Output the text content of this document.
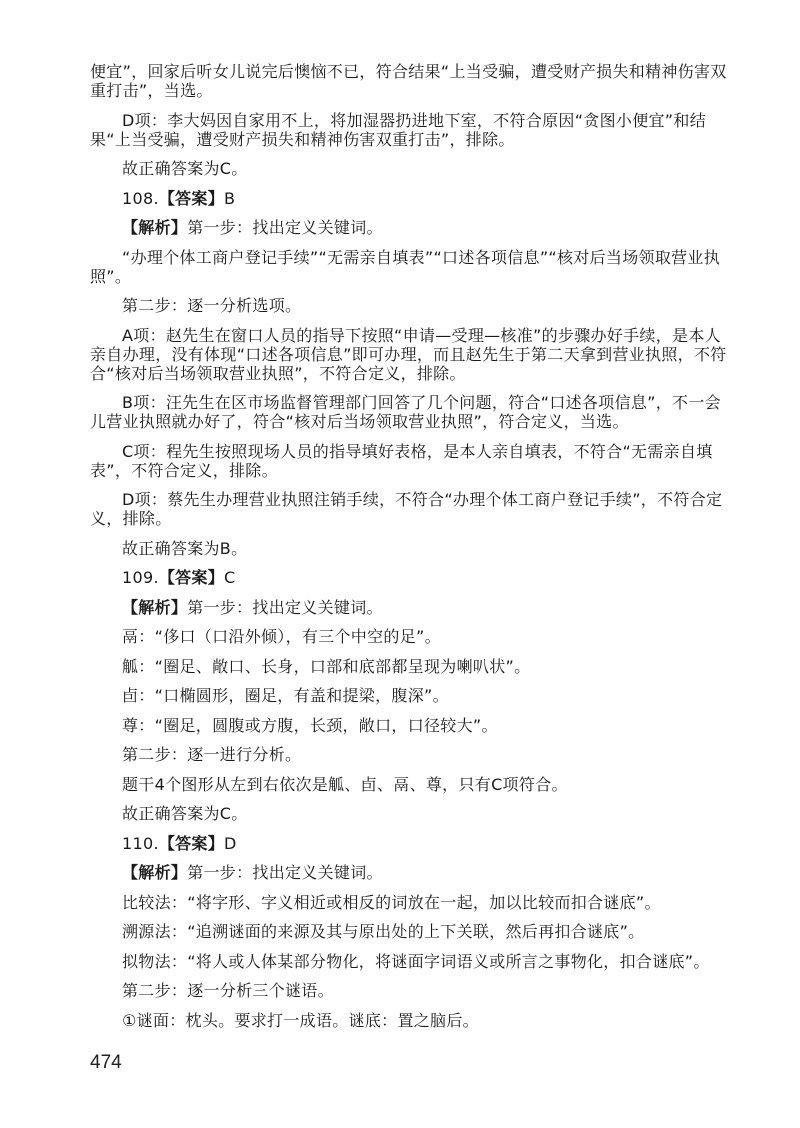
便宜”，回家后听女儿说完后懊恼不已，符合结果“上当受骗，遭受财产损失和精神伤害双重打击”，当选。

D项：李大妈因自家用不上，将加湿器扔进地下室，不符合原因“贪图小便宜”和结果“上当受骗，遭受财产损失和精神伤害双重打击”，排除。

故正确答案为C。

108.【答案】B

【解析】第一步：找出定义关键词。

“办理个体工商户登记手续”“无需亲自填表”“口述各项信息”“核对后当场领取营业执照”。

第二步：逐一分析选项。

A项：赵先生在窗口人员的指导下按照“申请—受理—核准”的步骤办好手续，是本人亲自办理，没有体现“口述各项信息”即可办理，而且赵先生于第二天拿到营业执照，不符合“核对后当场领取营业执照”，不符合定义，排除。

B项：汪先生在区市场监督管理部门回答了几个问题，符合“口述各项信息”，不一会儿营业执照就办好了，符合“核对后当场领取营业执照”，符合定义，当选。

C项：程先生按照现场人员的指导填好表格，是本人亲自填表，不符合“无需亲自填表”，不符合定义，排除。

D项：蔡先生办理营业执照注销手续，不符合“办理个体工商户登记手续”，不符合定义，排除。

故正确答案为B。

109.【答案】C

【解析】第一步：找出定义关键词。

鬲：“侈口（口沿外倾），有三个中空的足”。

觚：“圈足、敞口、长身，口部和底部都呈现为喇叭状”。

卣：“口椭圆形，圈足，有盖和提梁，腹深”。

尊：“圈足，圆腹或方腹，长颈，敞口，口径较大”。

第二步：逐一进行分析。

题干4个图形从左到右依次是觚、卣、鬲、尊，只有C项符合。

故正确答案为C。

110.【答案】D

【解析】第一步：找出定义关键词。

比较法：“将字形、字义相近或相反的词放在一起，加以比较而扣合谜底”。

溯源法：“追溯谜面的来源及其与原出处的上下关联，然后再扣合谜底”。

拟物法：“将人或人体某部分物化，将谜面字词语义或所言之事物化，扣合谜底”。

第二步：逐一分析三个谜语。

①谜面：枕头。要求打一成语。谜底：置之脑后。

474
